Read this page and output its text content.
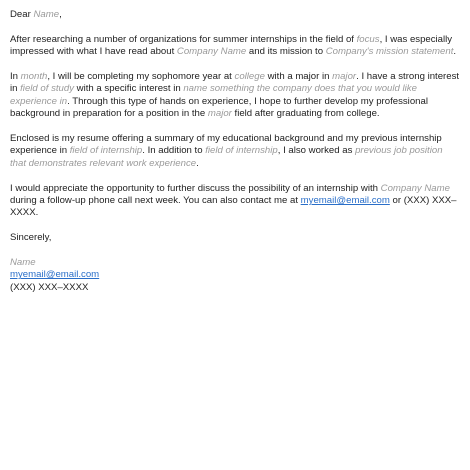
Dear Name,

After researching a number of organizations for summer internships in the field of focus, I was especially impressed with what I have read about Company Name and its mission to Company's mission statement.

In month, I will be completing my sophomore year at college with a major in major. I have a strong interest in field of study with a specific interest in name something the company does that you would like experience in. Through this type of hands on experience, I hope to further develop my professional background in preparation for a position in the major field after graduating from college.

Enclosed is my resume offering a summary of my educational background and my previous internship experience in field of internship. In addition to field of internship, I also worked as previous job position that demonstrates relevant work experience.

I would appreciate the opportunity to further discuss the possibility of an internship with Company Name during a follow-up phone call next week. You can also contact me at myemail@email.com or (XXX) XXX–XXXX.

Sincerely,

Name
myemail@email.com
(XXX) XXX–XXXX
